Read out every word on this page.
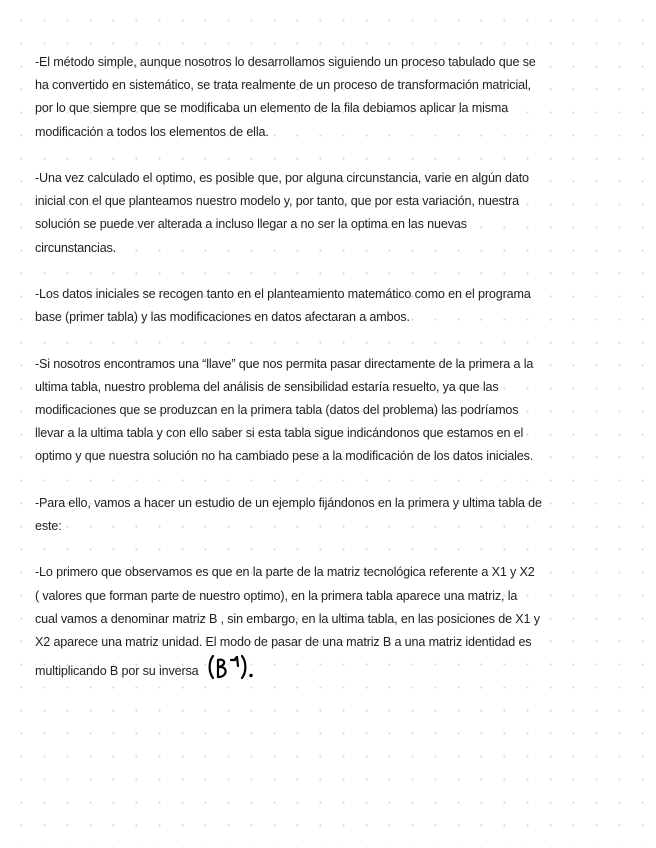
-El método simple, aunque nosotros lo desarrollamos siguiendo un proceso tabulado que se
ha convertido en sistemático, se trata realmente de un proceso de transformación matricial,
por lo que siempre que se modificaba un elemento de la fila debiamos aplicar la misma
modificación a todos los elementos de ella.

-Una vez calculado el optimo, es posible que, por alguna circunstancia, varie en algún dato
inicial con el que planteamos nuestro modelo y, por tanto, que por esta variación, nuestra
solución se puede ver alterada a incluso llegar a no ser la optima en las nuevas
circunstancias.

-Los datos iniciales se recogen tanto en el planteamiento matemático como en el programa
base (primer tabla) y las modificaciones en datos afectaran a ambos.

-Si nosotros encontramos una “llave” que nos permita pasar directamente de la primera a la
ultima tabla, nuestro problema del análisis de sensibilidad estaría resuelto, ya que las
modificaciones que se produzcan en la primera tabla (datos del problema) las podríamos
llevar a la ultima tabla y con ello saber si esta tabla sigue indicándonos que estamos en el
optimo y que nuestra solución no ha cambiado pese a la modificación de los datos iniciales.

-Para ello, vamos a hacer un estudio de un ejemplo fijándonos en la primera y ultima tabla de
este:

-Lo primero que observamos es que en la parte de la matriz tecnológica referente a X1 y X2
( valores que forman parte de nuestro optimo), en la primera tabla aparece una matriz, la
cual vamos a denominar matriz B , sin embargo, en la ultima tabla, en las posiciones de X1 y
X2 aparece una matriz unidad. El modo de pasar de una matriz B a una matriz identidad es
multiplicando B por su inversa
